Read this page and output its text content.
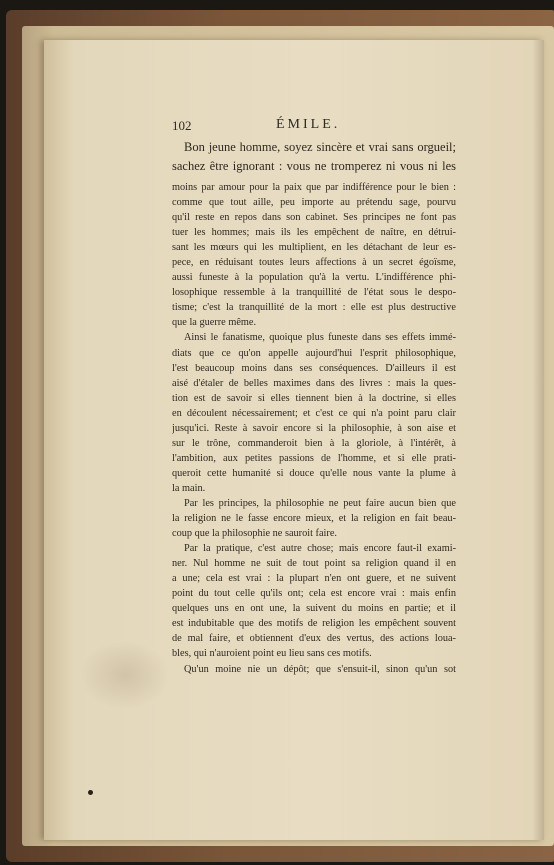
102	ÉMILE.
Bon jeune homme, soyez sincère et vrai sans orgueil;
sachez être ignorant : vous ne tromperez ni vous ni les
moins par amour pour la paix que par indifférence pour le bien :
comme que tout aille, peu importe au prétendu sage, pourvu
qu'il reste en repos dans son cabinet. Ses principes ne font pas
tuer les hommes; mais ils les empêchent de naître, en détrui-
sant les mœurs qui les multiplient, en les détachant de leur es-
pece, en réduisant toutes leurs affections à un secret égoïsme,
aussi funeste à la population qu'à la vertu. L'indifférence phi-
losophique ressemble à la tranquillité de l'état sous le despo-
tisme; c'est la tranquillité de la mort : elle est plus destructive
que la guerre même.
Ainsi le fanatisme, quoique plus funeste dans ses effets immé-
diats que ce qu'on appelle aujourd'hui l'esprit philosophique,
l'est beaucoup moins dans ses conséquences. D'ailleurs il est
aisé d'étaler de belles maximes dans des livres : mais la ques-
tion est de savoir si elles tiennent bien à la doctrine, si elles
en découlent nécessairement; et c'est ce qui n'a point paru clair
jusqu'ici. Reste à savoir encore si la philosophie, à son aise et
sur le trône, commanderoit bien à la gloriole, à l'intérêt, à
l'ambition, aux petites passions de l'homme, et si elle prati-
queroit cette humanité si douce qu'elle nous vante la plume à
la main.
Par les principes, la philosophie ne peut faire aucun bien que
la religion ne le fasse encore mieux, et la religion en fait beau-
coup que la philosophie ne sauroit faire.
Par la pratique, c'est autre chose; mais encore faut-il exami-
ner. Nul homme ne suit de tout point sa religion quand il en
a une; cela est vrai : la plupart n'en ont guere, et ne suivent
point du tout celle qu'ils ont; cela est encore vrai : mais enfin
quelques uns en ont une, la suivent du moins en partie; et il
est indubitable que des motifs de religion les empêchent souvent
de mal faire, et obtiennent d'eux des vertus, des actions loua-
bles, qui n'auroient point eu lieu sans ces motifs.
Qu'un moine nie un dépôt; que s'ensuit-il, sinon qu'un sot
